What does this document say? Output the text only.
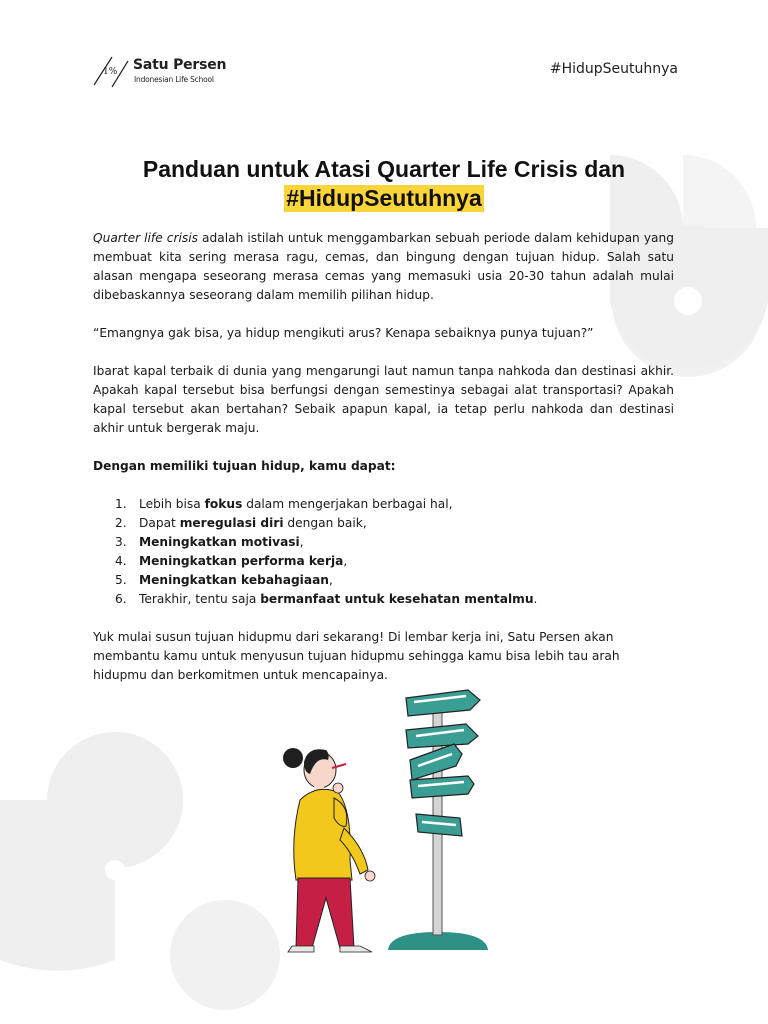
1% Satu Persen
Indonesian Life School
#HidupSeutuhnya
Panduan untuk Atasi Quarter Life Crisis dan
#HidupSeutuhnya

Quarter life crisis adalah istilah untuk menggambarkan sebuah periode dalam kehidupan yang membuat kita sering merasa ragu, cemas, dan bingung dengan tujuan hidup. Salah satu alasan mengapa seseorang merasa cemas yang memasuki usia 20-30 tahun adalah mulai dibebaskannya seseorang dalam memilih pilihan hidup.

“Emangnya gak bisa, ya hidup mengikuti arus? Kenapa sebaiknya punya tujuan?”

Ibarat kapal terbaik di dunia yang mengarungi laut namun tanpa nahkoda dan destinasi akhir. Apakah kapal tersebut bisa berfungsi dengan semestinya sebagai alat transportasi? Apakah kapal tersebut akan bertahan? Sebaik apapun kapal, ia tetap perlu nahkoda dan destinasi akhir untuk bergerak maju.

Dengan memiliki tujuan hidup, kamu dapat:

1. Lebih bisa fokus dalam mengerjakan berbagai hal,
2. Dapat meregulasi diri dengan baik,
3. Meningkatkan motivasi,
4. Meningkatkan performa kerja,
5. Meningkatkan kebahagiaan,
6. Terakhir, tentu saja bermanfaat untuk kesehatan mentalmu.

Yuk mulai susun tujuan hidupmu dari sekarang! Di lembar kerja ini, Satu Persen akan membantu kamu untuk menyusun tujuan hidupmu sehingga kamu bisa lebih tau arah hidupmu dan berkomitmen untuk mencapainya.
